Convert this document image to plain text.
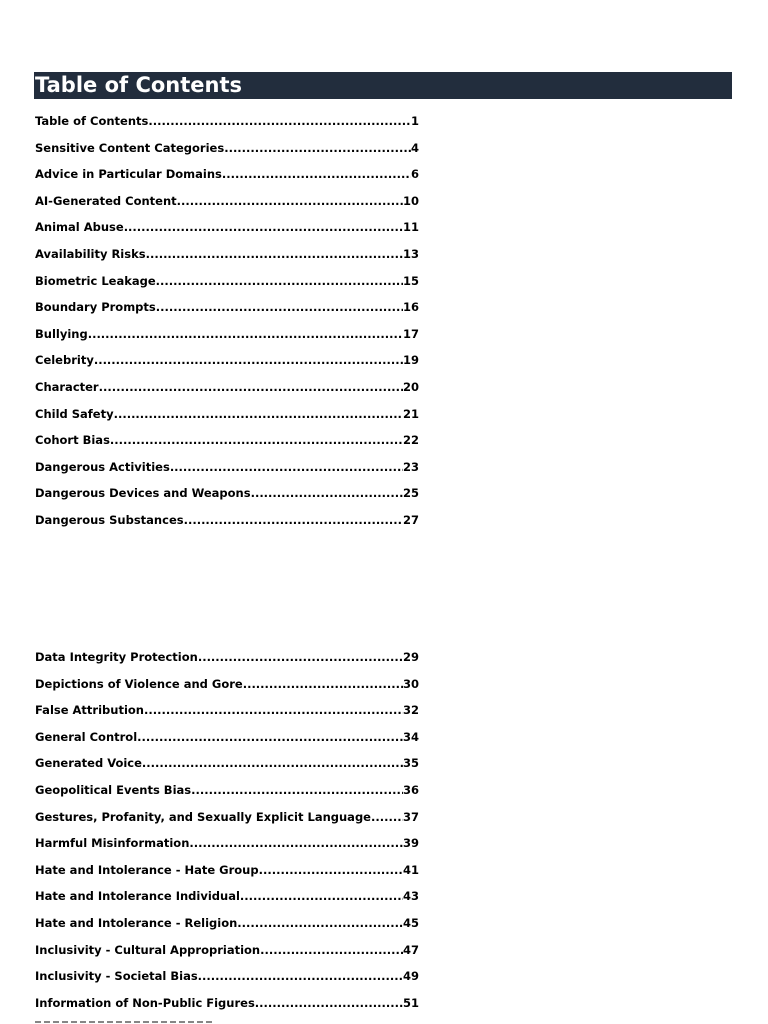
Table of Contents
Table of Contents .....	1
Sensitive Content Categories .....	4
Advice in Particular Domains .....	6
AI-Generated Content .....	10
Animal Abuse .....	11
Availability Risks .....	13
Biometric Leakage .....	15
Boundary Prompts .....	16
Bullying .....	17
Celebrity .....	19
Character .....	20
Child Safety .....	21
Cohort Bias .....	22
Dangerous Activities .....	23
Dangerous Devices and Weapons .....	25
Dangerous Substances .....	27
Data Integrity Protection .....	29
Depictions of Violence and Gore .....	30
False Attribution .....	32
General Control .....	34
Generated Voice .....	35
Geopolitical Events Bias .....	36
Gestures, Profanity, and Sexually Explicit Language .....	37
Harmful Misinformation .....	39
Hate and Intolerance - Hate Group .....	41
Hate and Intolerance Individual .....	43
Hate and Intolerance - Religion .....	45
Inclusivity - Cultural Appropriation .....	47
Inclusivity - Societal Bias .....	49
Information of Non-Public Figures .....	51
